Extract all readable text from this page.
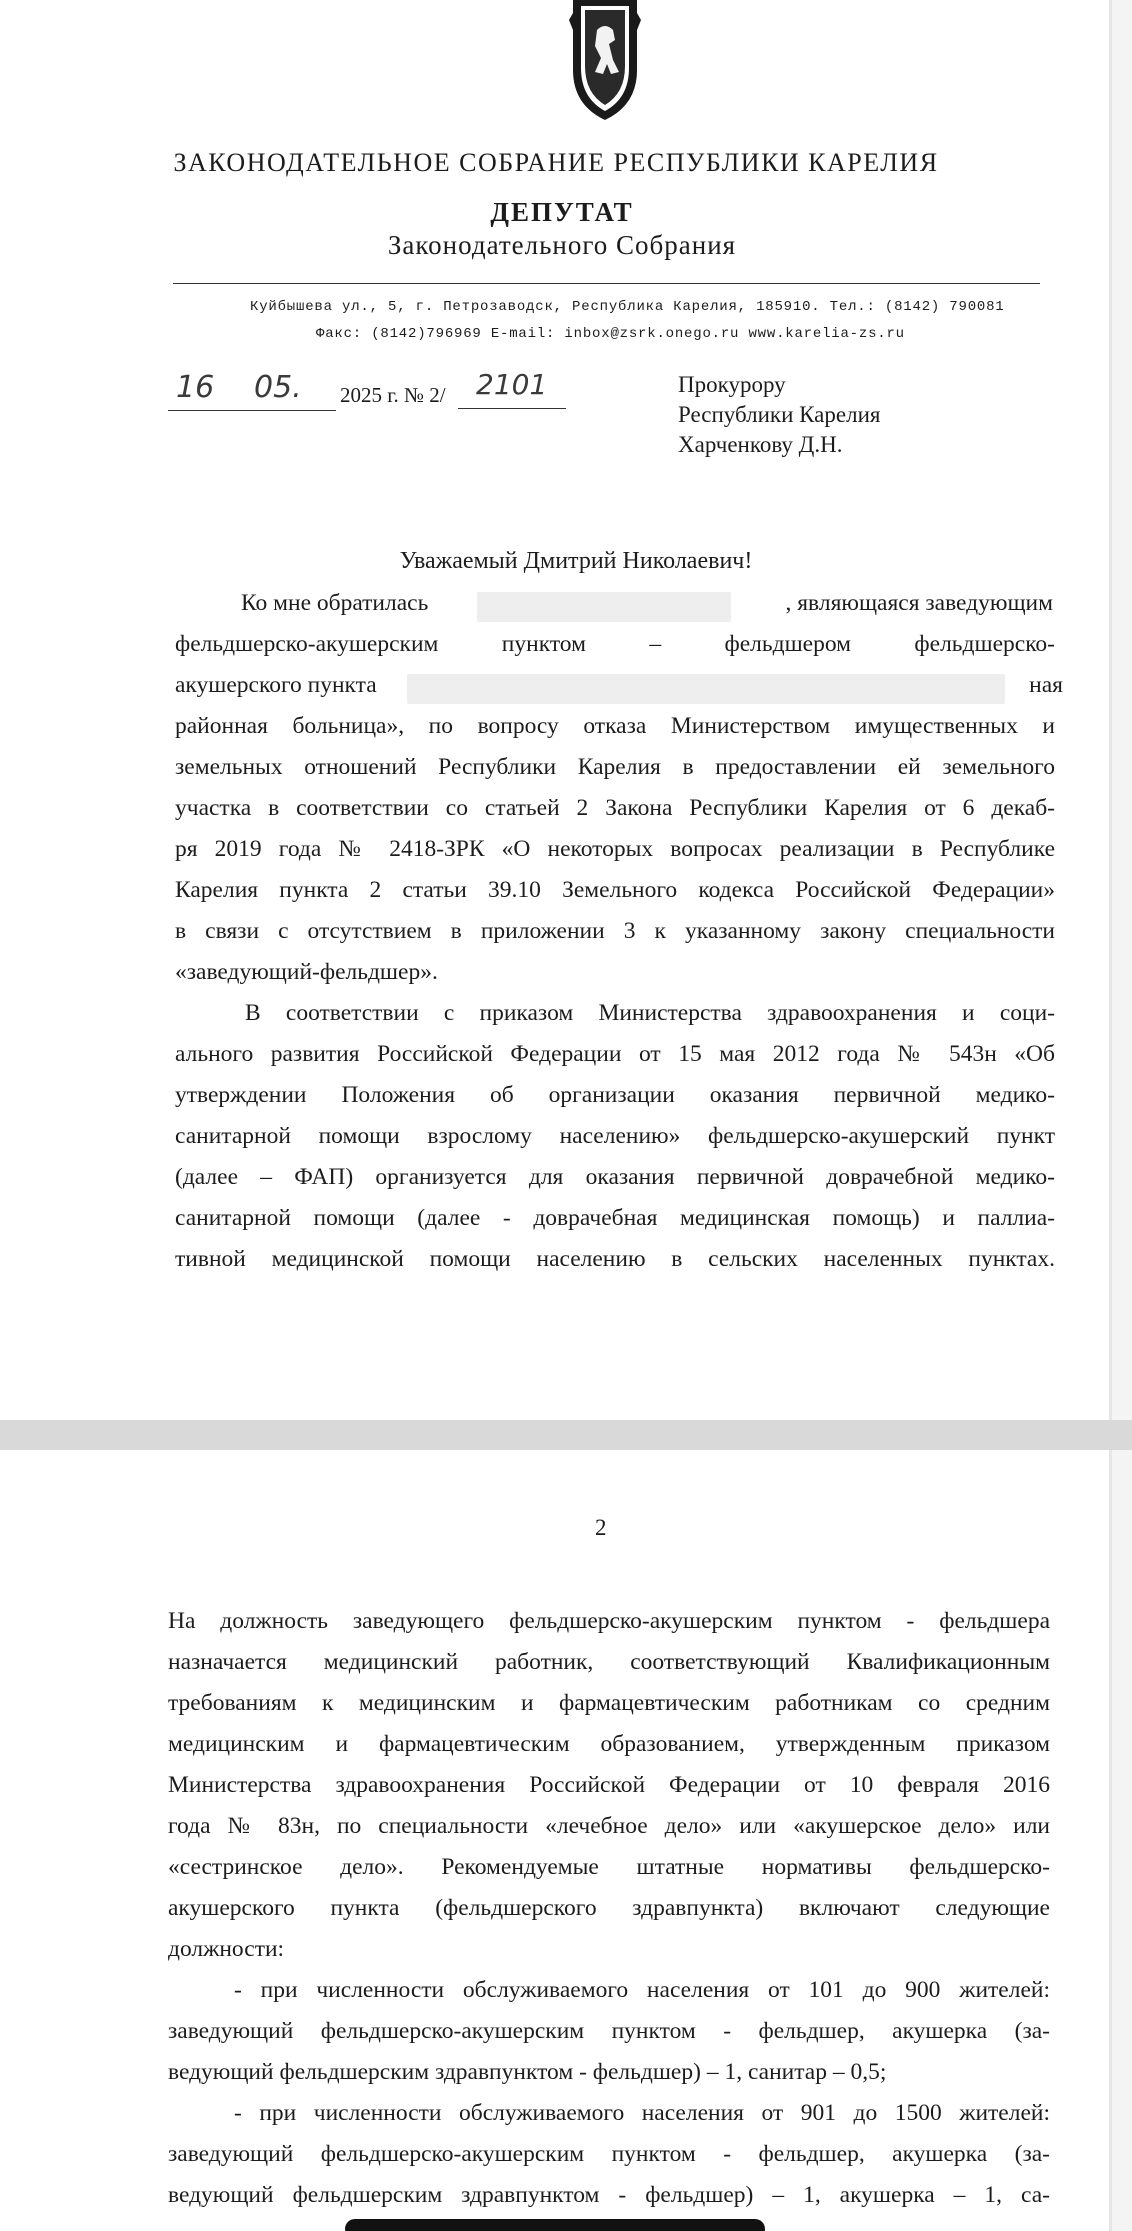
ЗАКОНОДАТЕЛЬНОЕ СОБРАНИЕ РЕСПУБЛИКИ КАРЕЛИЯ
ДЕПУТАТ
Законодательного Собрания
Куйбышева ул., 5, г. Петрозаводск, Республика Карелия, 185910. Тел.: (8142) 790081
Факс: (8142)796969 E-mail: inbox@zsrk.onego.ru www.karelia-zs.ru
16 05. 2025 г. № 2/ 2101	Прокурору
Республики Карелия
Харченкову Д.Н.
Уважаемый Дмитрий Николаевич!
Ко мне обратилась	, являющаяся заведующим
фельдшерско-акушерским пунктом – фельдшером фельдшерско-
акушерского пункта	ная
районная больница», по вопросу отказа Министерством имущественных и
земельных отношений Республики Карелия в предоставлении ей земельного
участка в соответствии со статьей 2 Закона Республики Карелия от 6 декаб-
ря 2019 года № 2418-ЗРК «О некоторых вопросах реализации в Республике
Карелия пункта 2 статьи 39.10 Земельного кодекса Российской Федерации»
в связи с отсутствием в приложении 3 к указанному закону специальности
«заведующий-фельдшер».
В соответствии с приказом Министерства здравоохранения и соци-
ального развития Российской Федерации от 15 мая 2012 года № 543н «Об
утверждении Положения об организации оказания первичной медико-
санитарной помощи взрослому населению» фельдшерско-акушерский пункт
(далее – ФАП) организуется для оказания первичной доврачебной медико-
санитарной помощи (далее - доврачебная медицинская помощь) и паллиа-
тивной медицинской помощи населению в сельских населенных пунктах.
2
На должность заведующего фельдшерско-акушерским пунктом - фельдшера
назначается медицинский работник, соответствующий Квалификационным
требованиям к медицинским и фармацевтическим работникам со средним
медицинским и фармацевтическим образованием, утвержденным приказом
Министерства здравоохранения Российской Федерации от 10 февраля 2016
года № 83н, по специальности «лечебное дело» или «акушерское дело» или
«сестринское дело». Рекомендуемые штатные нормативы фельдшерско-
акушерского пункта (фельдшерского здравпункта) включают следующие
должности:
- при численности обслуживаемого населения от 101 до 900 жителей:
заведующий фельдшерско-акушерским пунктом - фельдшер, акушерка (за-
ведующий фельдшерским здравпунктом - фельдшер) – 1, санитар – 0,5;
- при численности обслуживаемого населения от 901 до 1500 жителей:
заведующий фельдшерско-акушерским пунктом - фельдшер, акушерка (за-
ведующий фельдшерским здравпунктом - фельдшер) – 1, акушерка – 1, са-
